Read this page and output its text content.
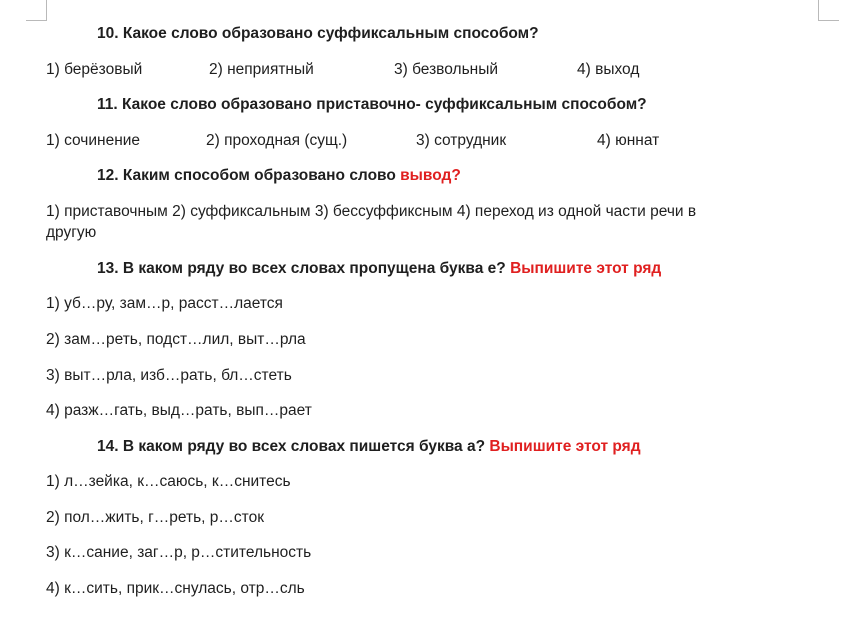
10. Какое слово образовано суффиксальным способом?
1) берёзовый	2) неприятный	3) безвольный	4) выход
11. Какое слово образовано приставочно- суффиксальным способом?
1) сочинение	2) проходная (сущ.)	3) сотрудник	4) юннат
12. Каким способом образовано слово вывод?
1) приставочным 2) суффиксальным 3) бессуффиксным 4) переход из одной части речи в
другую
13. В каком ряду во всех словах пропущена буква е? Выпишите этот ряд
1) уб…ру, зам…р, расст…лается
2) зам…реть, подст…лил, выт…рла
3) выт…рла, изб…рать, бл…стеть
4) разж…гать, выд…рать, вып…рает
14. В каком ряду во всех словах пишется буква а? Выпишите этот ряд
1) л…зейка, к…саюсь, к…снитесь
2) пол…жить, г…реть, р…сток
3) к…сание, заг…р, р…стительность
4) к…сить, прик…снулась, отр…сль
